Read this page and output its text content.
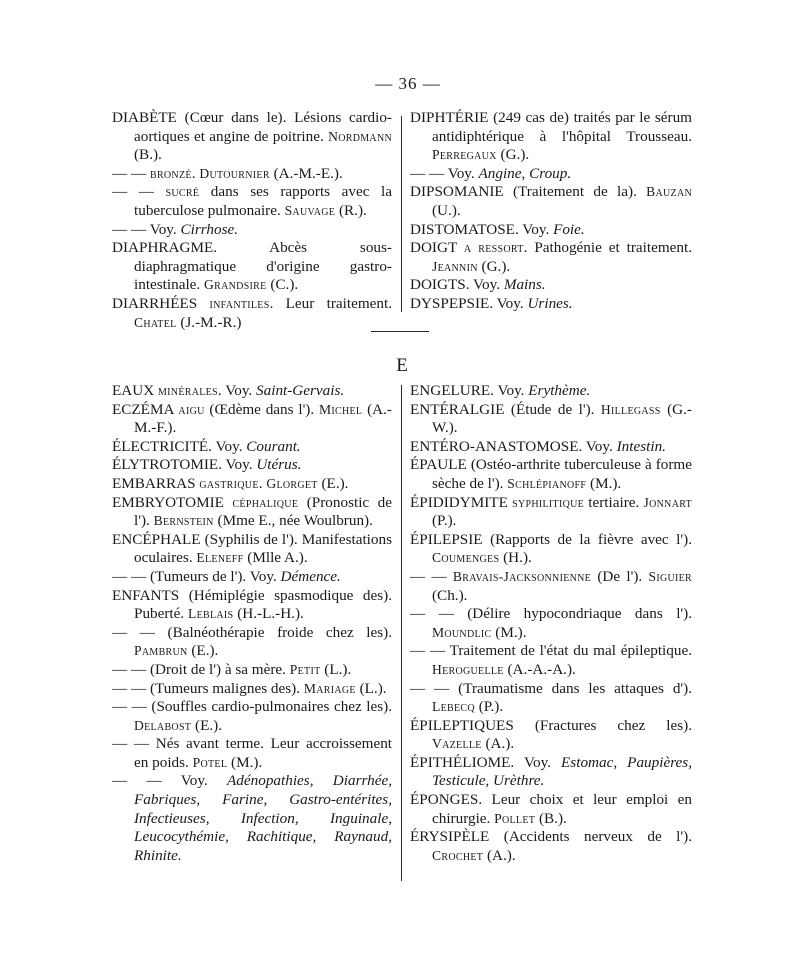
— 36 —

DIABÈTE (Cœur dans le). Lésions cardio-aortiques et angine de poitrine. Nordmann (B.).

— — bronzé. Dutournier (A.-M.-E.).

— — sucré dans ses rapports avec la tuberculose pulmonaire. Sauvage (R.).

— — Voy. Cirrhose.

DIAPHRAGME. Abcès sous-diaphragmatique d'origine gastro-intestinale. Grandsire (C.).

DIARRHÉES infantiles. Leur traitement. Chatel (J.-M.-R.)

DIPHTÉRIE (249 cas de) traités par le sérum antidiphtérique à l'hôpital Trousseau. Perregaux (G.).

— — Voy. Angine, Croup.

DIPSOMANIE (Traitement de la). Bauzan (U.).

DISTOMATOSE. Voy. Foie.

DOIGT a ressort. Pathogénie et traitement. Jeannin (G.).

DOIGTS. Voy. Mains.

DYSPEPSIE. Voy. Urines.

E

EAUX minérales. Voy. Saint-Gervais.

ECZÉMA aigu (Œdème dans l'). Michel (A.-M.-F.).

ÉLECTRICITÉ. Voy. Courant.

ÉLYTROTOMIE. Voy. Utérus.

EMBARRAS gastrique. Glorget (E.).

EMBRYOTOMIE céphalique (Pronostic de l'). Bernstein (Mme E., née Woulbrun).

ENCÉPHALE (Syphilis de l'). Manifestations oculaires. Eleneff (Mlle A.).

— — (Tumeurs de l'). Voy. Démence.

ENFANTS (Hémiplégie spasmodique des). Puberté. Leblais (H.-L.-H.).

— — (Balnéothérapie froide chez les). Pambrun (E.).

— — (Droit de l') à sa mère. Petit (L.).

— — (Tumeurs malignes des). Mariage (L.).

— — (Souffles cardio-pulmonaires chez les). Delabost (E.).

— — Nés avant terme. Leur accroissement en poids. Potel (M.).

— — Voy. Adénopathies, Diarrhée, Fabriques, Farine, Gastro-entérites, Infectieuses, Infection, Inguinale, Leucocythémie, Rachitique, Raynaud, Rhinite.

ENGELURE. Voy. Erythème.

ENTÉRALGIE (Étude de l'). Hillegass (G.-W.).

ENTÉRO-ANASTOMOSE. Voy. Intestin.

ÉPAULE (Ostéo-arthrite tuberculeuse à forme sèche de l'). Schlépianoff (M.).

ÉPIDIDYMITE syphilitique tertiaire. Jonnart (P.).

ÉPILEPSIE (Rapports de la fièvre avec l'). Coumenges (H.).

— — Bravais-Jacksonnienne (De l'). Siguier (Ch.).

— — (Délire hypocondriaque dans l'). Moundlic (M.).

— — Traitement de l'état du mal épileptique. Heroguelle (A.-A.-A.).

— — (Traumatisme dans les attaques d'). Lebecq (P.).

ÉPILEPTIQUES (Fractures chez les). Vazelle (A.).

ÉPITHÉLIOME. Voy. Estomac, Paupières, Testicule, Urèthre.

ÉPONGES. Leur choix et leur emploi en chirurgie. Pollet (B.).

ÉRYSIPÈLE (Accidents nerveux de l'). Crochet (A.).
